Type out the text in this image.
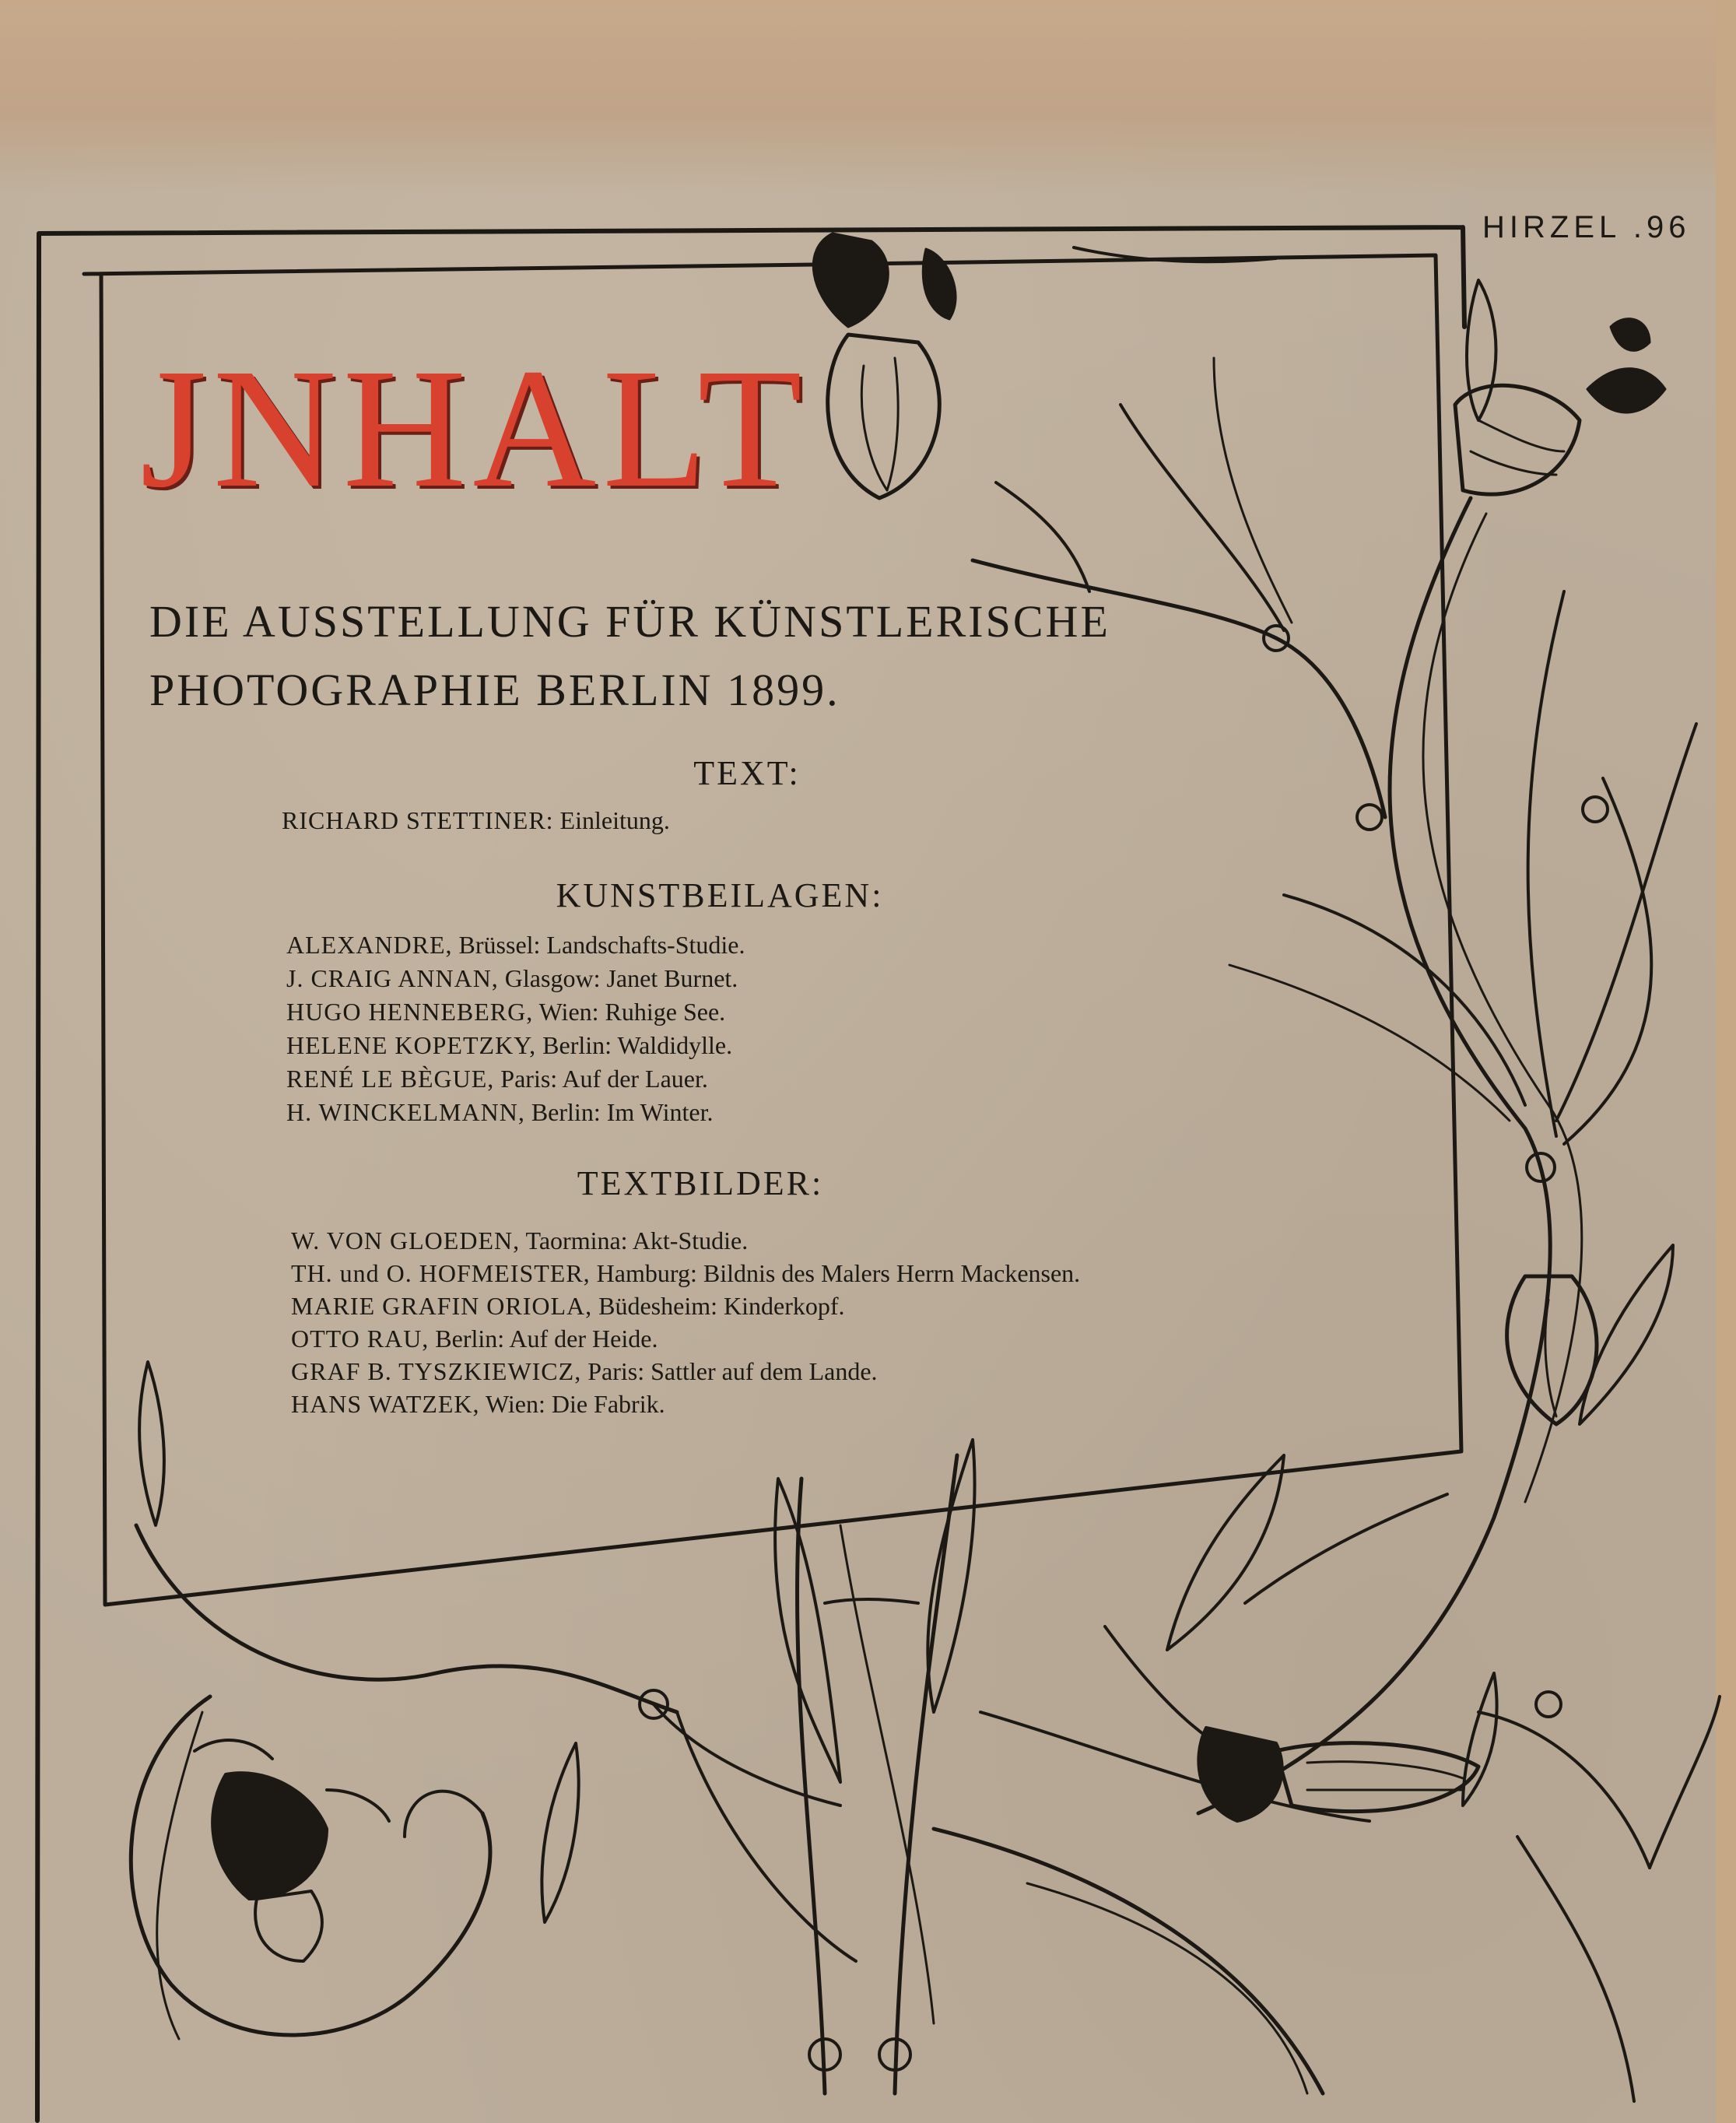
HIRZEL .96
JNHALT
DIE AUSSTELLUNG FÜR KÜNSTLERISCHE
PHOTOGRAPHIE BERLIN 1899.
TEXT:
RICHARD STETTINER: Einleitung.
KUNSTBEILAGEN:
ALEXANDRE, Brüssel: Landschafts-Studie.
J. CRAIG ANNAN, Glasgow: Janet Burnet.
HUGO HENNEBERG, Wien: Ruhige See.
HELENE KOPETZKY, Berlin: Waldidylle.
RENÉ LE BÈGUE, Paris: Auf der Lauer.
H. WINCKELMANN, Berlin: Im Winter.
TEXTBILDER:
W. VON GLOEDEN, Taormina: Akt-Studie.
TH. und O. HOFMEISTER, Hamburg: Bildnis des Malers Herrn Mackensen.
MARIE GRAFIN ORIOLA, Büdesheim: Kinderkopf.
OTTO RAU, Berlin: Auf der Heide.
GRAF B. TYSZKIEWICZ, Paris: Sattler auf dem Lande.
HANS WATZEK, Wien: Die Fabrik.
